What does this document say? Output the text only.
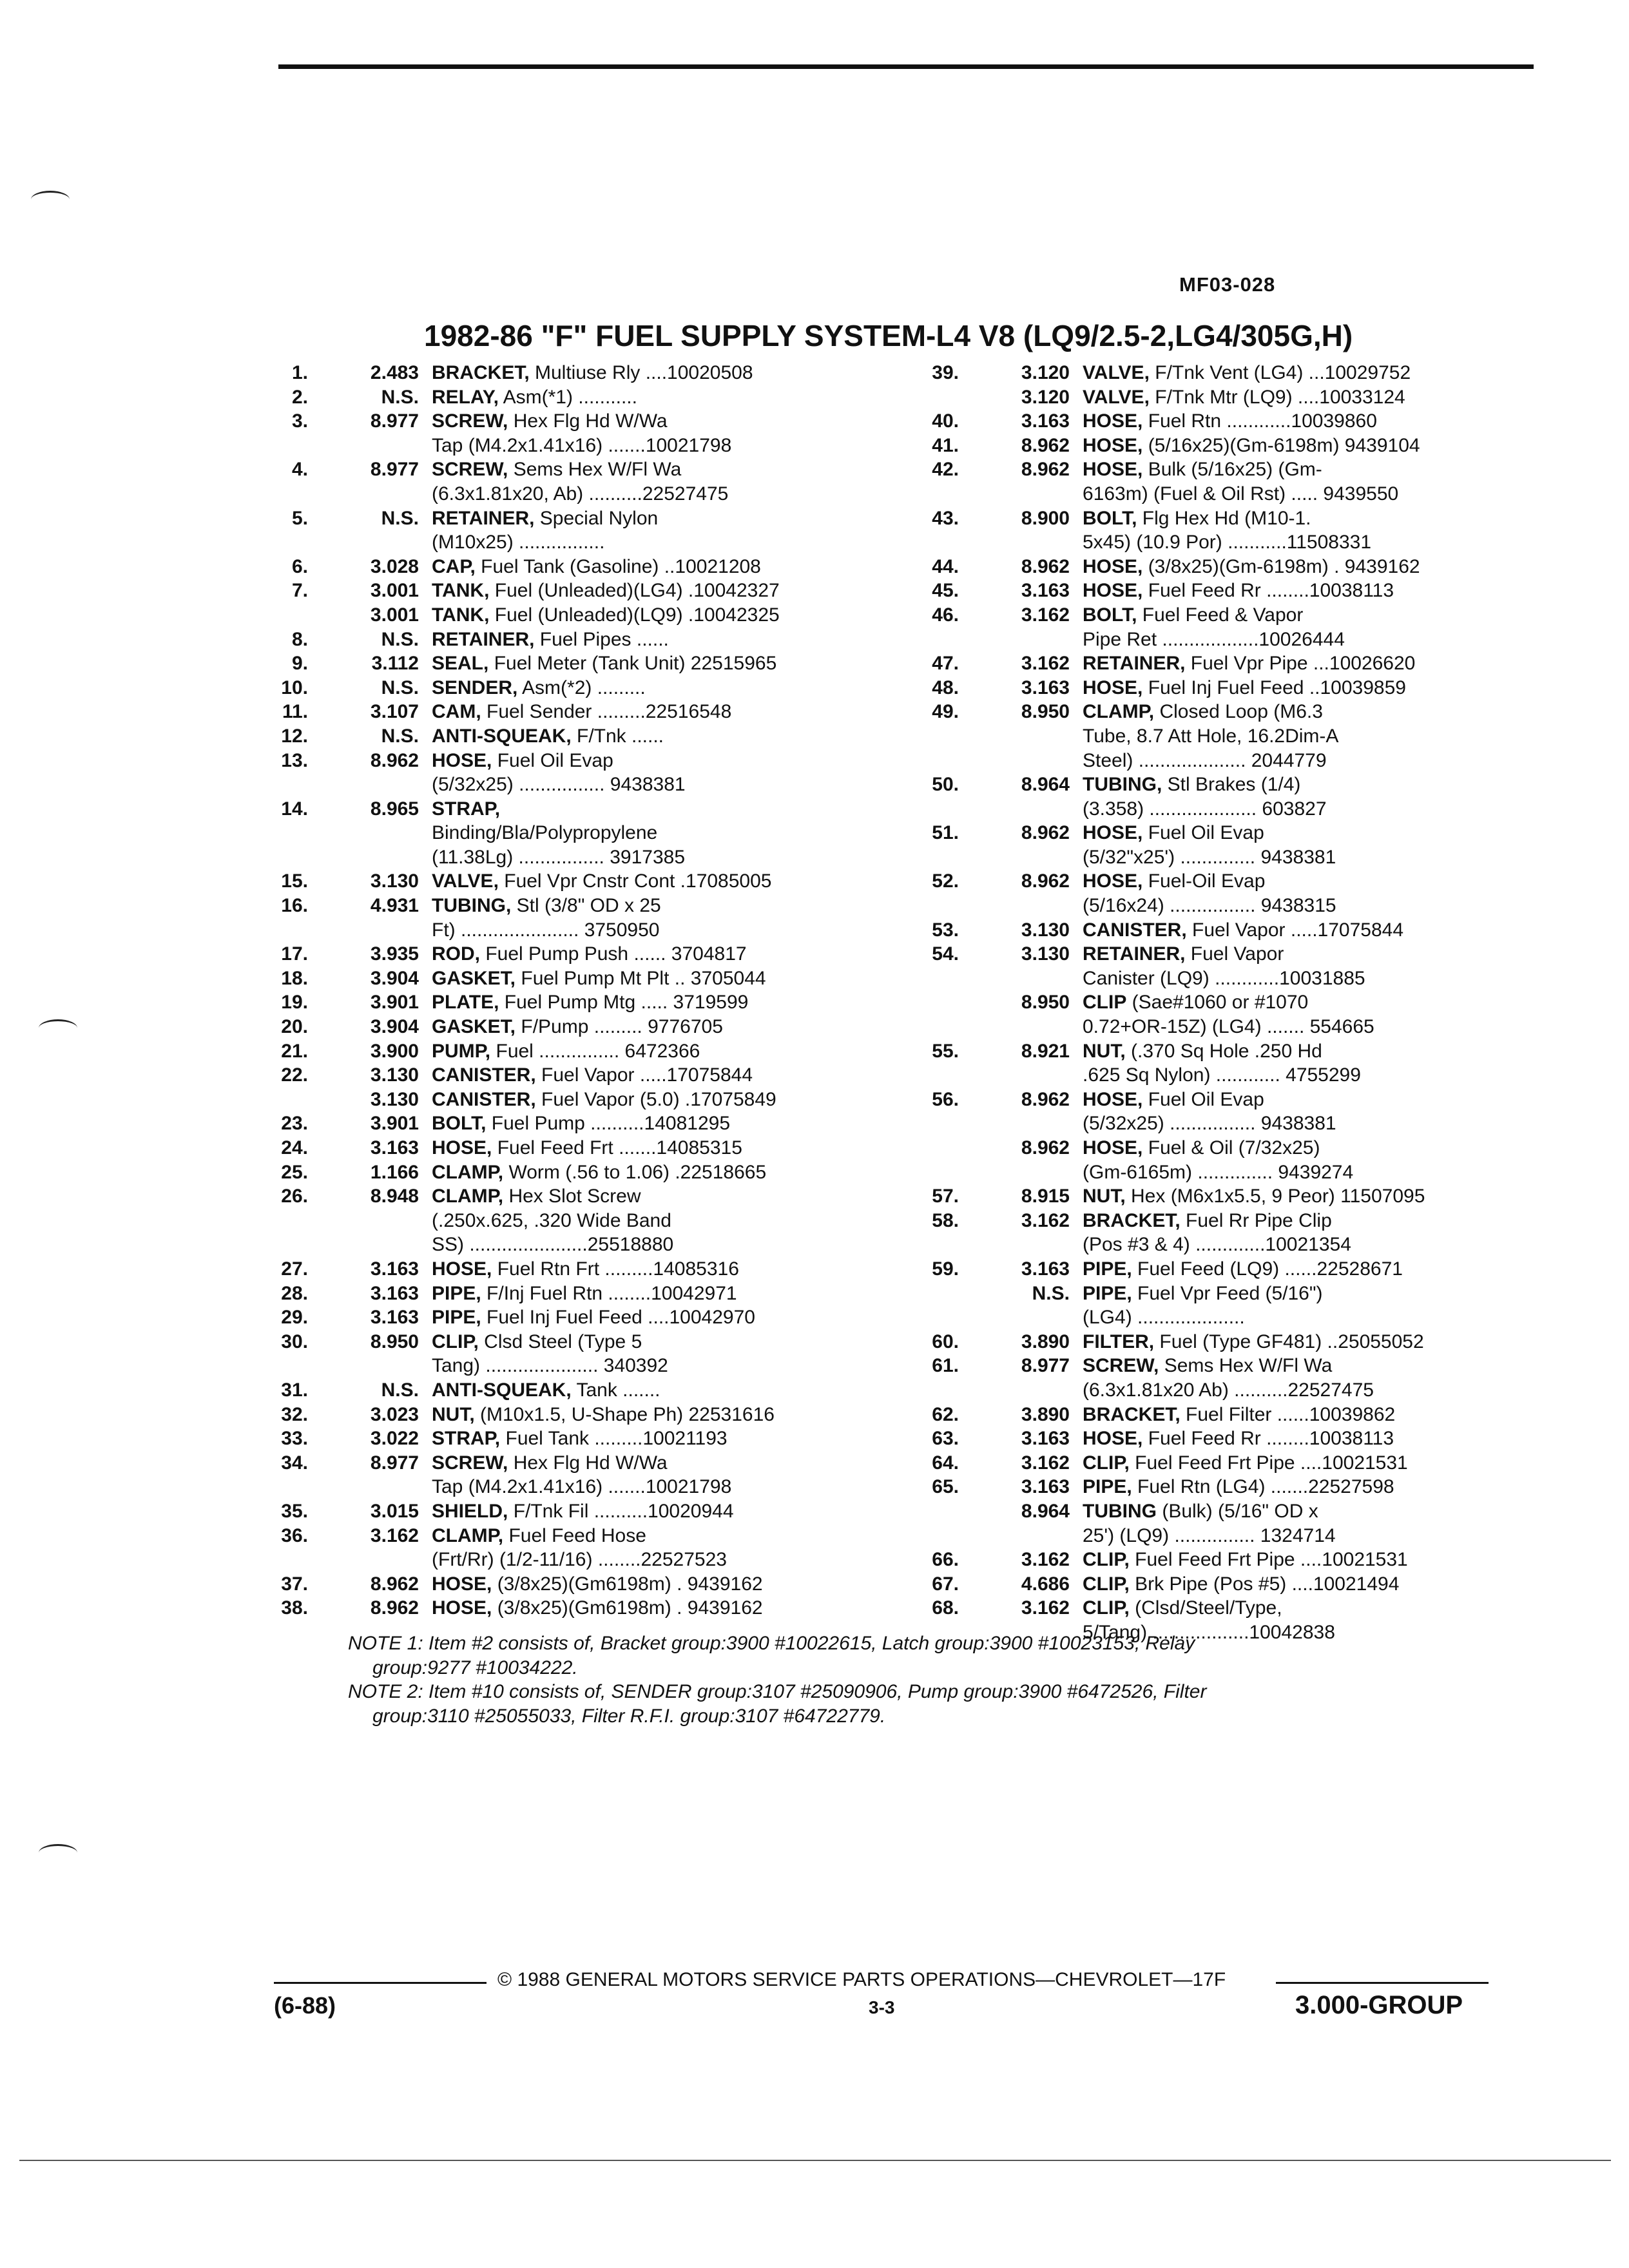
MF03-028
1982-86 "F" FUEL SUPPLY SYSTEM-L4 V8 (LQ9/2.5-2,LG4/305G,H)
1.	2.483 BRACKET, Multiuse Rly ....10020508
2.	N.S. RELAY, Asm(*1) ...........
3.	8.977 SCREW, Hex Flg Hd W/Wa
Tap (M4.2x1.41x16) .......10021798
4.	8.977 SCREW, Sems Hex W/Fl Wa
(6.3x1.81x20, Ab) ..........22527475
5.	N.S. RETAINER, Special Nylon
(M10x25) ................
6.	3.028 CAP, Fuel Tank (Gasoline) ..10021208
7.	3.001 TANK, Fuel (Unleaded)(LG4) .10042327
3.001 TANK, Fuel (Unleaded)(LQ9) .10042325
8.	N.S. RETAINER, Fuel Pipes ......
9.	3.112 SEAL, Fuel Meter (Tank Unit) 22515965
10.	N.S. SENDER, Asm(*2) .........
11.	3.107 CAM, Fuel Sender .........22516548
12.	N.S. ANTI-SQUEAK, F/Tnk ......
13.	8.962 HOSE, Fuel Oil Evap
(5/32x25) ................ 9438381
14.	8.965 STRAP,
Binding/Bla/Polypropylene
(11.38Lg) ................ 3917385
15.	3.130 VALVE, Fuel Vpr Cnstr Cont .17085005
16.	4.931 TUBING, Stl (3/8" OD x 25
Ft) ...................... 3750950
17.	3.935 ROD, Fuel Pump Push ...... 3704817
18.	3.904 GASKET, Fuel Pump Mt Plt .. 3705044
19.	3.901 PLATE, Fuel Pump Mtg ..... 3719599
20.	3.904 GASKET, F/Pump ......... 9776705
21.	3.900 PUMP, Fuel ............... 6472366
22.	3.130 CANISTER, Fuel Vapor .....17075844
3.130 CANISTER, Fuel Vapor (5.0) .17075849
23.	3.901 BOLT, Fuel Pump ..........14081295
24.	3.163 HOSE, Fuel Feed Frt .......14085315
25.	1.166 CLAMP, Worm (.56 to 1.06) .22518665
26.	8.948 CLAMP, Hex Slot Screw
(.250x.625, .320 Wide Band
SS) ......................25518880
27.	3.163 HOSE, Fuel Rtn Frt .........14085316
28.	3.163 PIPE, F/Inj Fuel Rtn ........10042971
29.	3.163 PIPE, Fuel Inj Fuel Feed ....10042970
30.	8.950 CLIP, Clsd Steel (Type 5
Tang) ..................... 340392
31.	N.S. ANTI-SQUEAK, Tank .......
32.	3.023 NUT, (M10x1.5, U-Shape Ph) 22531616
33.	3.022 STRAP, Fuel Tank .........10021193
34.	8.977 SCREW, Hex Flg Hd W/Wa
Tap (M4.2x1.41x16) .......10021798
35.	3.015 SHIELD, F/Tnk Fil ..........10020944
36.	3.162 CLAMP, Fuel Feed Hose
(Frt/Rr) (1/2-11/16) ........22527523
37.	8.962 HOSE, (3/8x25)(Gm6198m) . 9439162
38.	8.962 HOSE, (3/8x25)(Gm6198m) . 9439162
39.	3.120 VALVE, F/Tnk Vent (LG4) ...10029752
3.120 VALVE, F/Tnk Mtr (LQ9) ....10033124
40.	3.163 HOSE, Fuel Rtn ............10039860
41.	8.962 HOSE, (5/16x25)(Gm-6198m) 9439104
42.	8.962 HOSE, Bulk (5/16x25) (Gm-
6163m) (Fuel & Oil Rst) ..... 9439550
43.	8.900 BOLT, Flg Hex Hd (M10-1.
5x45) (10.9 Por) ...........11508331
44.	8.962 HOSE, (3/8x25)(Gm-6198m) . 9439162
45.	3.163 HOSE, Fuel Feed Rr ........10038113
46.	3.162 BOLT, Fuel Feed & Vapor
Pipe Ret ..................10026444
47.	3.162 RETAINER, Fuel Vpr Pipe ...10026620
48.	3.163 HOSE, Fuel Inj Fuel Feed ..10039859
49.	8.950 CLAMP, Closed Loop (M6.3
Tube, 8.7 Att Hole, 16.2Dim-A
Steel) .................... 2044779
50.	8.964 TUBING, Stl Brakes (1/4)
(3.358) .................... 603827
51.	8.962 HOSE, Fuel Oil Evap
(5/32"x25') .............. 9438381
52.	8.962 HOSE, Fuel-Oil Evap
(5/16x24) ................ 9438315
53.	3.130 CANISTER, Fuel Vapor .....17075844
54.	3.130 RETAINER, Fuel Vapor
Canister (LQ9) ............10031885
8.950 CLIP (Sae#1060 or #1070
0.72+OR-15Z) (LG4) ....... 554665
55.	8.921 NUT, (.370 Sq Hole .250 Hd
.625 Sq Nylon) ............ 4755299
56.	8.962 HOSE, Fuel Oil Evap
(5/32x25) ................ 9438381
8.962 HOSE, Fuel & Oil (7/32x25)
(Gm-6165m) .............. 9439274
57.	8.915 NUT, Hex (M6x1x5.5, 9 Peor) 11507095
58.	3.162 BRACKET, Fuel Rr Pipe Clip
(Pos #3 & 4) .............10021354
59.	3.163 PIPE, Fuel Feed (LQ9) ......22528671
N.S. PIPE, Fuel Vpr Feed (5/16")
(LG4) ....................
60.	3.890 FILTER, Fuel (Type GF481) ..25055052
61.	8.977 SCREW, Sems Hex W/Fl Wa
(6.3x1.81x20 Ab) ..........22527475
62.	3.890 BRACKET, Fuel Filter ......10039862
63.	3.163 HOSE, Fuel Feed Rr ........10038113
64.	3.162 CLIP, Fuel Feed Frt Pipe ....10021531
65.	3.163 PIPE, Fuel Rtn (LG4) .......22527598
8.964 TUBING (Bulk) (5/16" OD x
25') (LQ9) ............... 1324714
66.	3.162 CLIP, Fuel Feed Frt Pipe ....10021531
67.	4.686 CLIP, Brk Pipe (Pos #5) ....10021494
68.	3.162 CLIP, (Clsd/Steel/Type,
5/Tang) ..................10042838
NOTE 1: Item #2 consists of, Bracket group:3900 #10022615, Latch group:3900 #10023153, Relay
group:9277 #10034222.
NOTE 2: Item #10 consists of, SENDER group:3107 #25090906, Pump group:3900 #6472526, Filter
group:3110 #25055033, Filter R.F.I. group:3107 #64722779.
© 1988 GENERAL MOTORS SERVICE PARTS OPERATIONS—CHEVROLET—17F
(6-88)	3-3	3.000-GROUP
